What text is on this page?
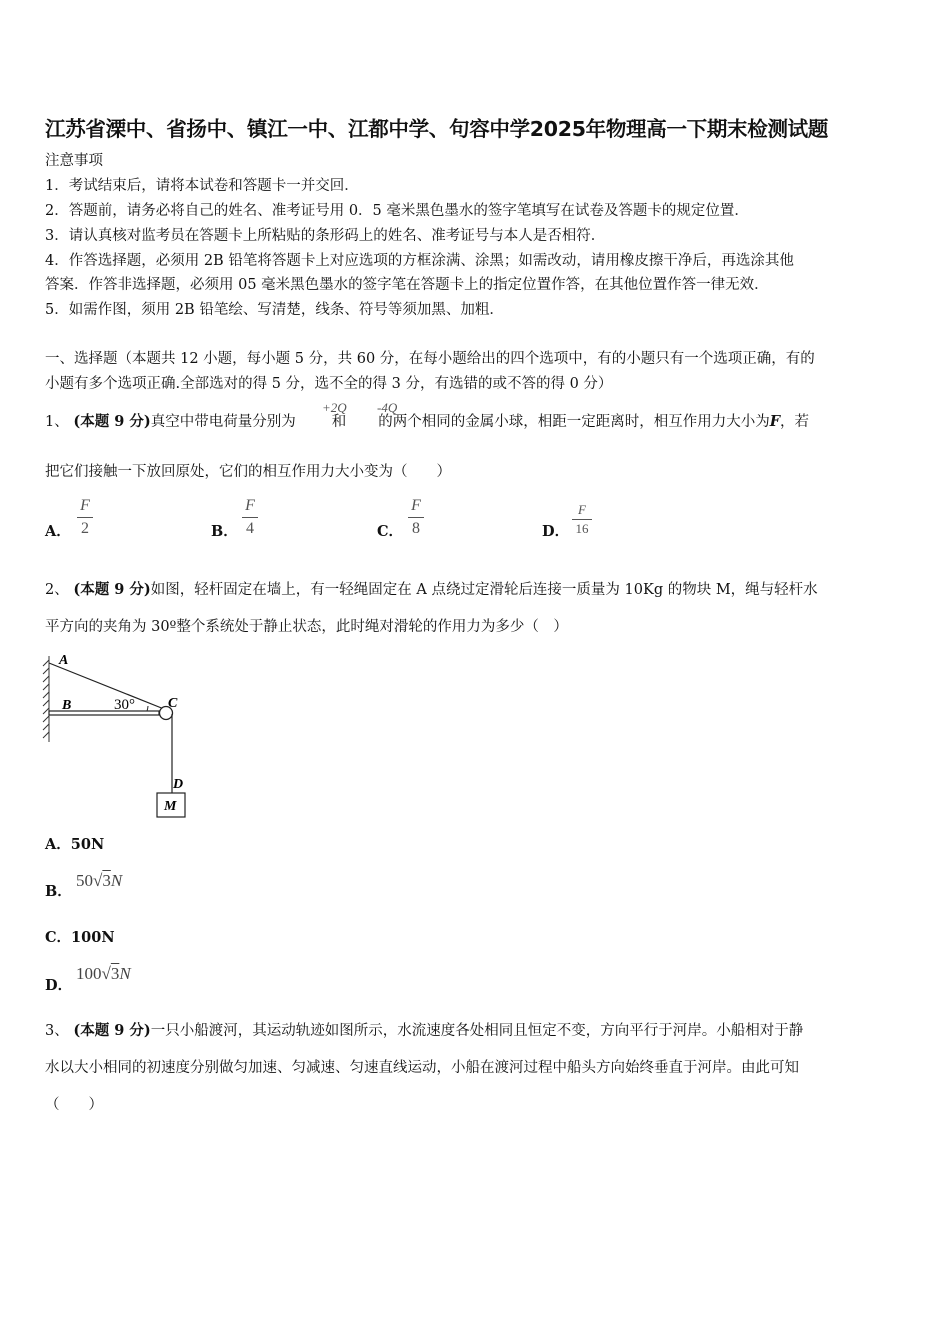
江苏省溧中、省扬中、镇江一中、江都中学、句容中学2025年物理高一下期末检测试题
注意事项
1．考试结束后，请将本试卷和答题卡一并交回．
2．答题前，请务必将自己的姓名、准考证号用 0．5 毫米黑色墨水的签字笔填写在试卷及答题卡的规定位置．
3．请认真核对监考员在答题卡上所粘贴的条形码上的姓名、准考证号与本人是否相符．
4．作答选择题，必须用 2B 铅笔将答题卡上对应选项的方框涂满、涂黑；如需改动，请用橡皮擦干净后，再选涂其他
答案．作答非选择题，必须用 05 毫米黑色墨水的签字笔在答题卡上的指定位置作答，在其他位置作答一律无效．
5．如需作图，须用 2B 铅笔绘、写清楚，线条、符号等须加黑、加粗．
一、选择题（本题共 12 小题，每小题 5 分，共 60 分，在每小题给出的四个选项中，有的小题只有一个选项正确，有的
小题有多个选项正确.全部选对的得 5 分，选不全的得 3 分，有选错的或不答的得 0 分）
1、 (本题 9 分)真空中带电荷量分别为 和 的两个相同的金属小球，相距一定距离时，相互作用力大小为F，若
+2Q -4Q
把它们接触一下放回原处，它们的相互作用力大小变为（　　）
A．
F
2	B．
F
4	C．
F
8	D．
F
16
2、 (本题 9 分)如图，轻杆固定在墙上，有一轻绳固定在 A 点绕过定滑轮后连接一质量为 10Kg 的物块 M，绳与轻杆水
平方向的夹角为 30º整个系统处于静止状态，此时绳对滑轮的作用力为多少（　）
A
B	30° C
D
M
A．50N
B．
50√3N
C．100N
D．
100√3N
3、 (本题 9 分)一只小船渡河，其运动轨迹如图所示，水流速度各处相同且恒定不变，方向平行于河岸。小船相对于静
水以大小相同的初速度分别做匀加速、匀减速、匀速直线运动，小船在渡河过程中船头方向始终垂直于河岸。由此可知
（　　）
